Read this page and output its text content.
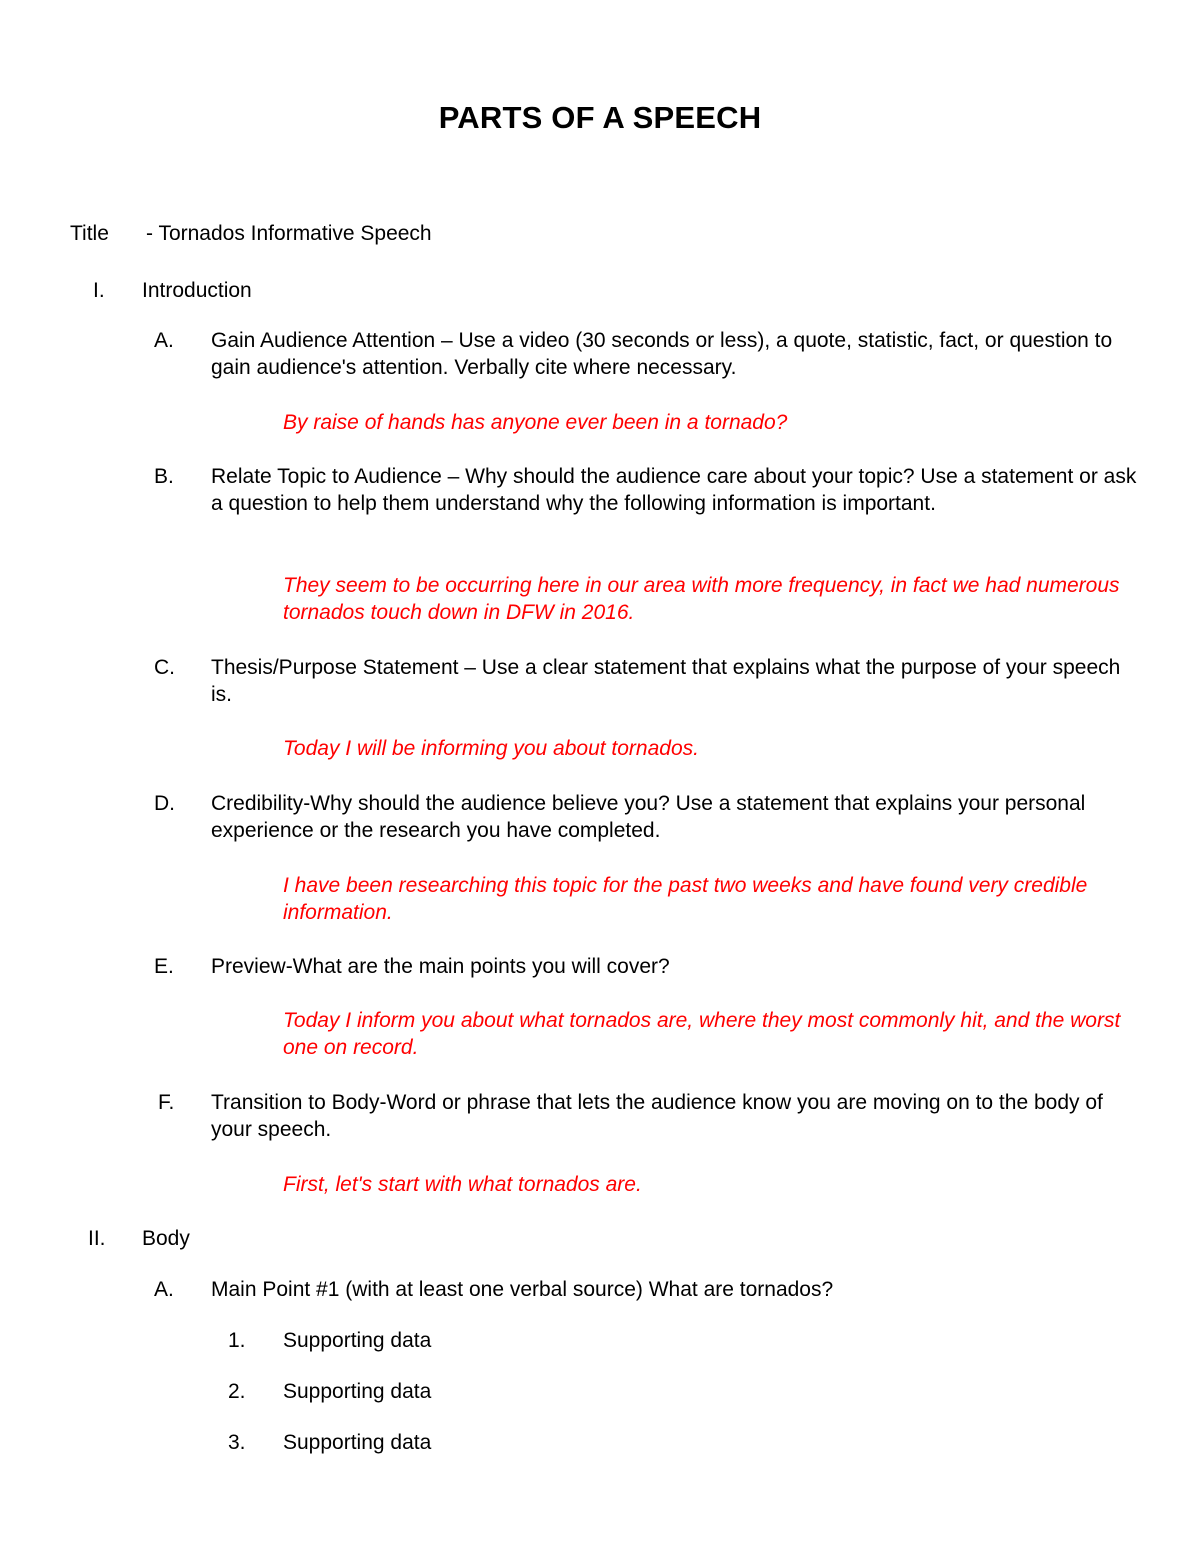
PARTS OF A SPEECH
Title - Tornados Informative Speech
I. Introduction
A. Gain Audience Attention – Use a video (30 seconds or less), a quote, statistic, fact, or question to gain audience's attention. Verbally cite where necessary.
By raise of hands has anyone ever been in a tornado?
B. Relate Topic to Audience – Why should the audience care about your topic? Use a statement or ask a question to help them understand why the following information is important.
They seem to be occurring here in our area with more frequency, in fact we had numerous tornados touch down in DFW in 2016.
C. Thesis/Purpose Statement – Use a clear statement that explains what the purpose of your speech is.
Today I will be informing you about tornados.
D. Credibility-Why should the audience believe you? Use a statement that explains your personal experience or the research you have completed.
I have been researching this topic for the past two weeks and have found very credible information.
E. Preview-What are the main points you will cover?
Today I inform you about what tornados are, where they most commonly hit, and the worst one on record.
F. Transition to Body-Word or phrase that lets the audience know you are moving on to the body of your speech.
First, let's start with what tornados are.
II. Body
A. Main Point #1 (with at least one verbal source) What are tornados?
1. Supporting data
2. Supporting data
3. Supporting data
